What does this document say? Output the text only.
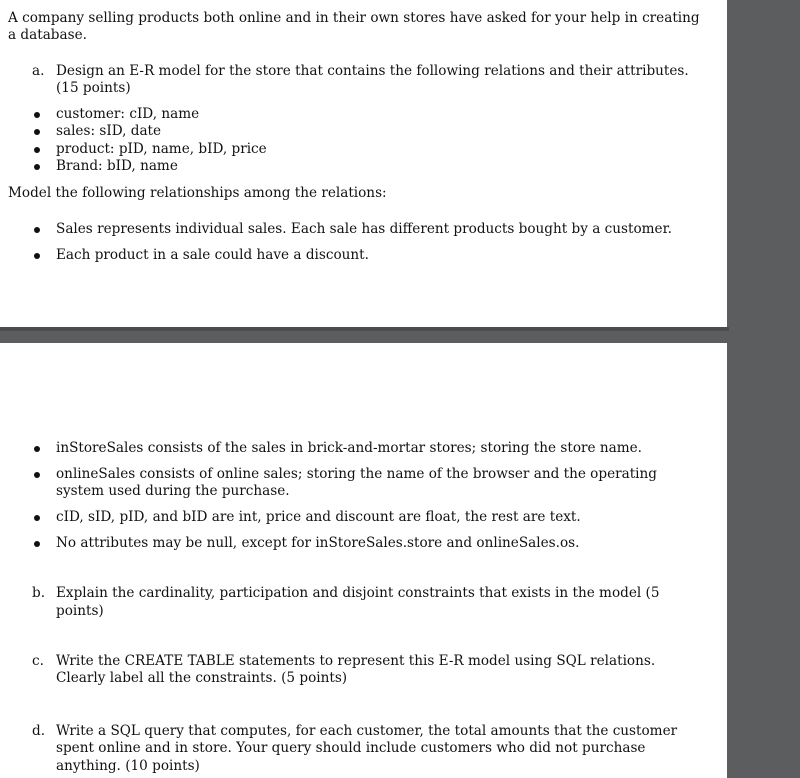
A company selling products both online and in their own stores have asked for your help in creating
a database.
a. Design an E-R model for the store that contains the following relations and their attributes.
(15 points)
customer: cID, name
sales: sID, date
product: pID, name, bID, price
Brand: bID, name
Model the following relationships among the relations:
Sales represents individual sales. Each sale has different products bought by a customer.
Each product in a sale could have a discount.
inStoreSales consists of the sales in brick-and-mortar stores; storing the store name.
onlineSales consists of online sales; storing the name of the browser and the operating
system used during the purchase.
cID, sID, pID, and bID are int, price and discount are float, the rest are text.
No attributes may be null, except for inStoreSales.store and onlineSales.os.
b. Explain the cardinality, participation and disjoint constraints that exists in the model (5
points)
c. Write the CREATE TABLE statements to represent this E-R model using SQL relations.
Clearly label all the constraints. (5 points)
d. Write a SQL query that computes, for each customer, the total amounts that the customer
spent online and in store. Your query should include customers who did not purchase
anything. (10 points)
